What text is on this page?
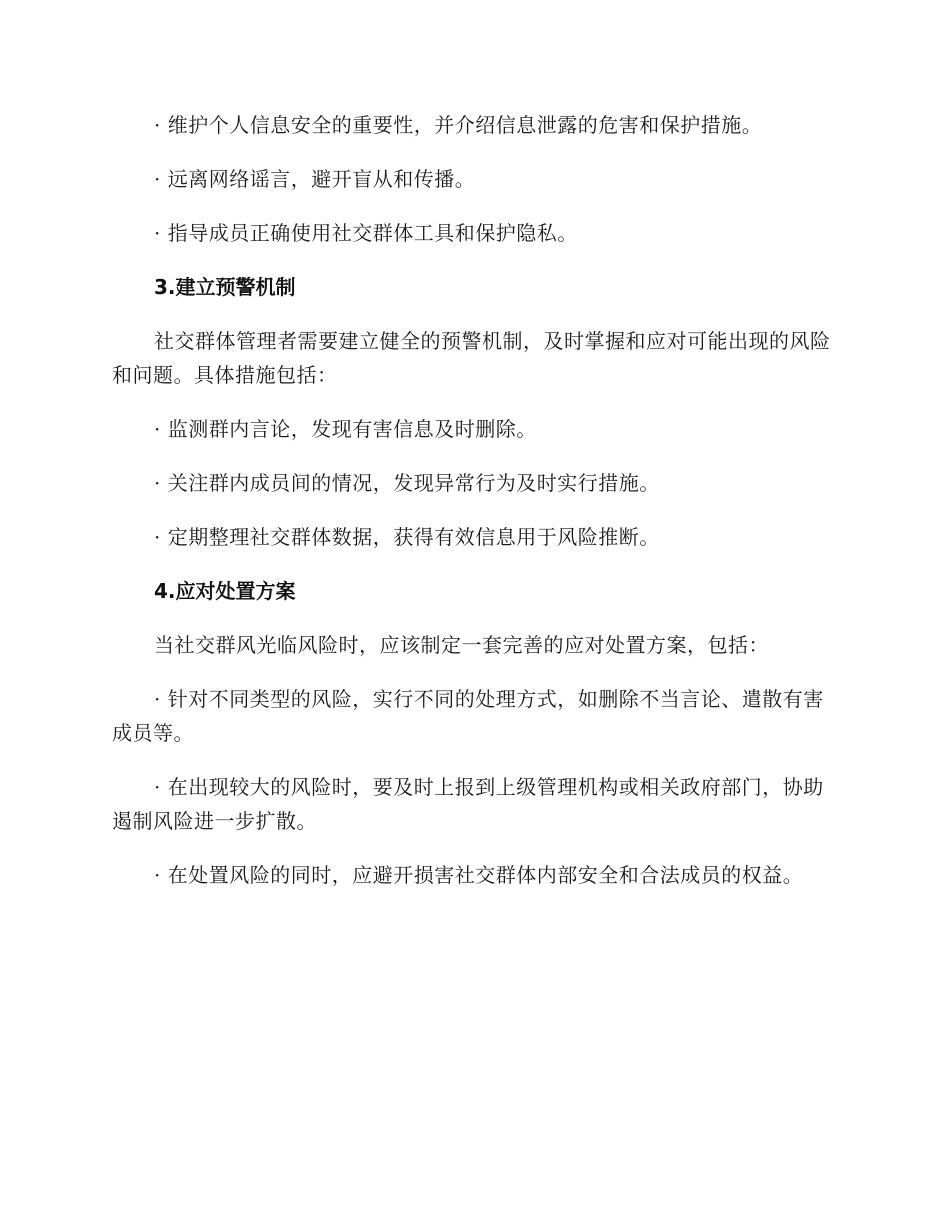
· 维护个人信息安全的重要性，并介绍信息泄露的危害和保护措施。

· 远离网络谣言，避开盲从和传播。

· 指导成员正确使用社交群体工具和保护隐私。

3.建立预警机制

社交群体管理者需要建立健全的预警机制，及时掌握和应对可能出现的风险和问题。具体措施包括：

· 监测群内言论，发现有害信息及时删除。

· 关注群内成员间的情况，发现异常行为及时实行措施。

· 定期整理社交群体数据，获得有效信息用于风险推断。

4.应对处置方案

当社交群风光临风险时，应该制定一套完善的应对处置方案，包括：

· 针对不同类型的风险，实行不同的处理方式，如删除不当言论、遣散有害成员等。

· 在出现较大的风险时，要及时上报到上级管理机构或相关政府部门，协助遏制风险进一步扩散。

· 在处置风险的同时，应避开损害社交群体内部安全和合法成员的权益。
